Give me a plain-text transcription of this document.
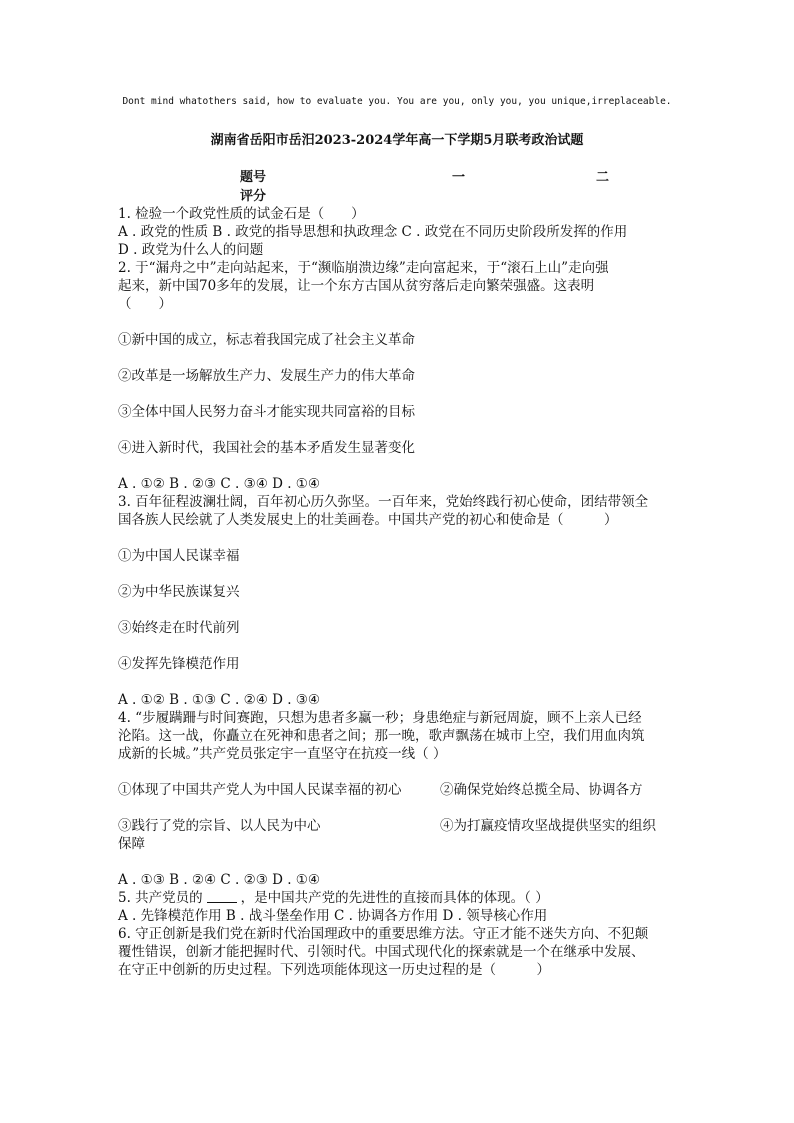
Dont mind whatothers said, how to evaluate you. You are you, only you, you unique,irreplaceable.
湖南省岳阳市岳汨2023-2024学年高一下学期5月联考政治试题
题号	一	二
评分

1. 检验一个政党性质的试金石是（　　）

A . 政党的性质 B . 政党的指导思想和执政理念 C . 政党在不同历史阶段所发挥的作用

D . 政党为什么人的问题

2. 于“漏舟之中”走向站起来，于“濒临崩溃边缘”走向富起来，于“滚石上山”走向强

起来，新中国70多年的发展，让一个东方古国从贫穷落后走向繁荣强盛。这表明

（　　）

①新中国的成立，标志着我国完成了社会主义革命

②改革是一场解放生产力、发展生产力的伟大革命

③全体中国人民努力奋斗才能实现共同富裕的目标

④进入新时代，我国社会的基本矛盾发生显著变化

A . ①② B . ②③ C . ③④ D . ①④

3. 百年征程波澜壮阔，百年初心历久弥坚。一百年来，党始终践行初心使命，团结带领全

国各族人民绘就了人类发展史上的壮美画卷。中国共产党的初心和使命是（　　　）

①为中国人民谋幸福

②为中华民族谋复兴

③始终走在时代前列

④发挥先锋模范作用

A . ①② B . ①③ C . ②④ D . ③④

4. “步履蹒跚与时间赛跑，只想为患者多赢一秒；身患绝症与新冠周旋，顾不上亲人已经

沦陷。这一战，你矗立在死神和患者之间；那一晚，歌声飘荡在城市上空，我们用血肉筑

成新的长城。”共产党员张定宇一直坚守在抗疫一线（ ）

①体现了中国共产党人为中国人民谋幸福的初心	②确保党始终总揽全局、协调各方

③践行了党的宗旨、以人民为中心	④为打赢疫情攻坚战提供坚实的组织

保障

A . ①③ B . ②④ C . ②③ D . ①④

5. 共产党员的	，是中国共产党的先进性的直接而具体的体现。（ ）

A . 先锋模范作用 B . 战斗堡垒作用 C . 协调各方作用 D . 领导核心作用

6. 守正创新是我们党在新时代治国理政中的重要思维方法。守正才能不迷失方向、不犯颠

覆性错误，创新才能把握时代、引领时代。中国式现代化的探索就是一个在继承中发展、

在守正中创新的历史过程。下列选项能体现这一历史过程的是（　　　）
